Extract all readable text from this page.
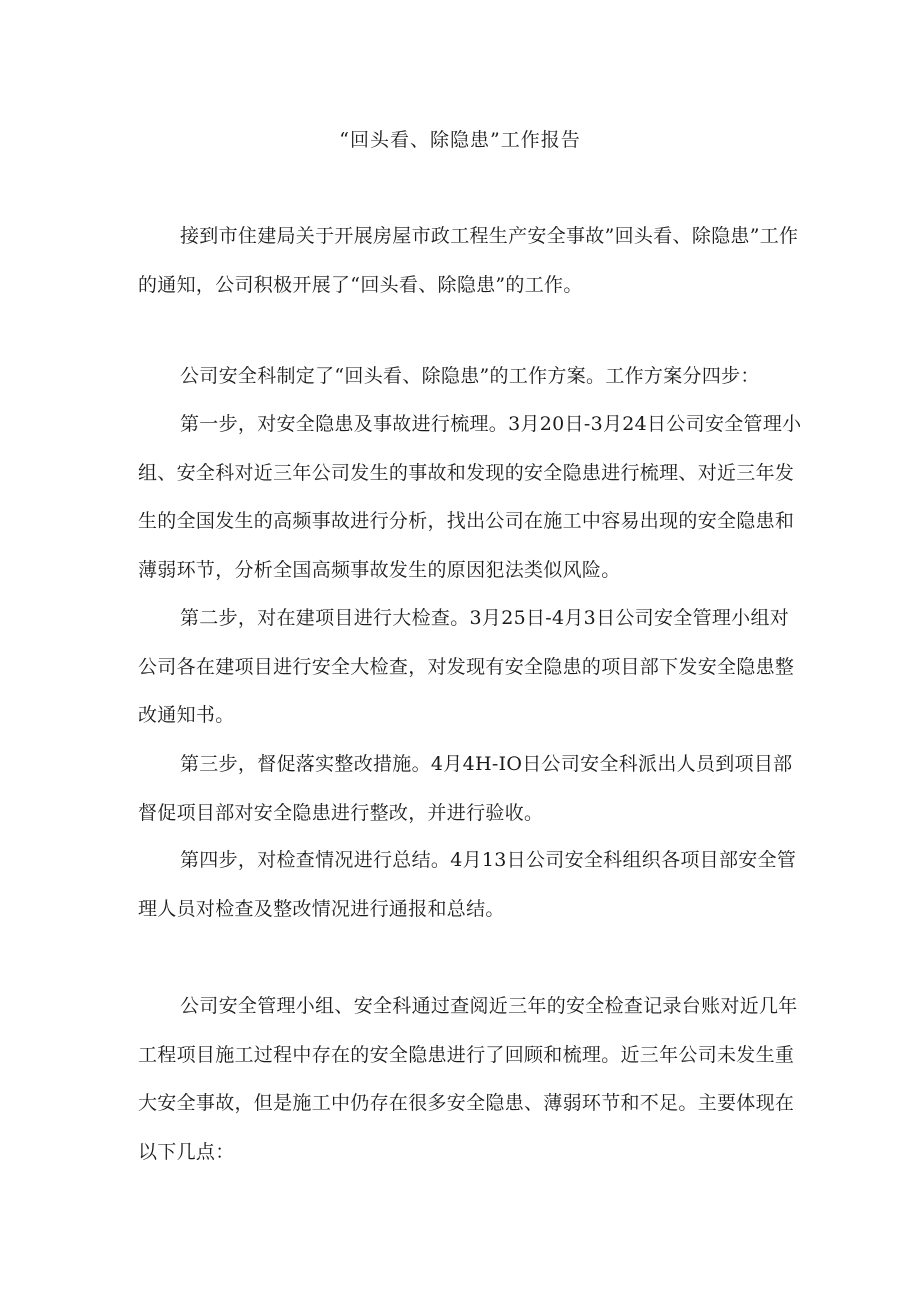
“回头看、除隐患”工作报告

接到市住建局关于开展房屋市政工程生产安全事故”回头看、除隐患”工作的通知，公司积极开展了“回头看、除隐患”的工作。

公司安全科制定了“回头看、除隐患”的工作方案。工作方案分四步：

第一步，对安全隐患及事故进行梳理。3月20日-3月24日公司安全管理小组、安全科对近三年公司发生的事故和发现的安全隐患进行梳理、对近三年发生的全国发生的高频事故进行分析，找出公司在施工中容易出现的安全隐患和薄弱环节，分析全国高频事故发生的原因犯法类似风险。

第二步，对在建项目进行大检查。3月25日-4月3日公司安全管理小组对公司各在建项目进行安全大检查，对发现有安全隐患的项目部下发安全隐患整改通知书。

第三步，督促落实整改措施。4月4H-IO日公司安全科派出人员到项目部督促项目部对安全隐患进行整改，并进行验收。

第四步，对检查情况进行总结。4月13日公司安全科组织各项目部安全管理人员对检查及整改情况进行通报和总结。

公司安全管理小组、安全科通过查阅近三年的安全检查记录台账对近几年工程项目施工过程中存在的安全隐患进行了回顾和梳理。近三年公司未发生重大安全事故，但是施工中仍存在很多安全隐患、薄弱环节和不足。主要体现在以下几点：
